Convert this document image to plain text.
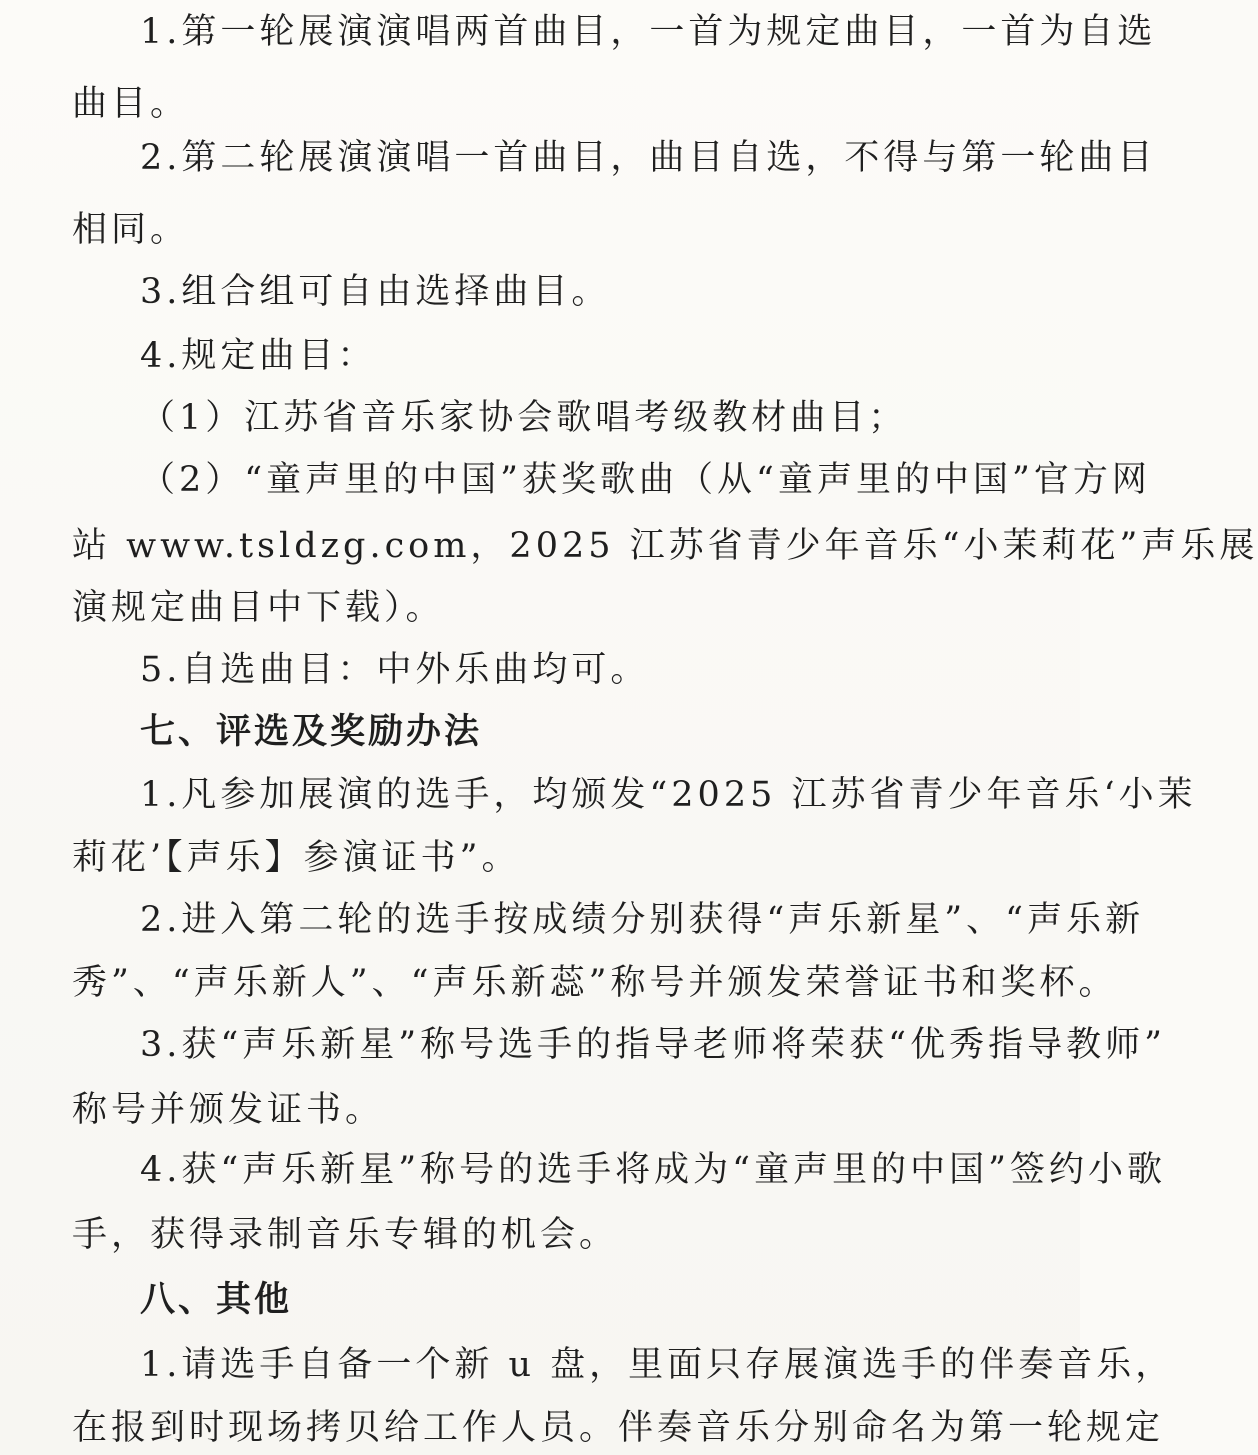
1.第一轮展演演唱两首曲目，一首为规定曲目，一首为自选
曲目。
2.第二轮展演演唱一首曲目，曲目自选，不得与第一轮曲目
相同。
3.组合组可自由选择曲目。
4.规定曲目：
（1）江苏省音乐家协会歌唱考级教材曲目；
（2）“童声里的中国”获奖歌曲（从“童声里的中国”官方网
站 www.tsldzg.com，2025 江苏省青少年音乐“小茉莉花”声乐展
演规定曲目中下载）。
5.自选曲目：中外乐曲均可。
七、评选及奖励办法
1.凡参加展演的选手，均颁发“2025 江苏省青少年音乐‘小茉
莉花’【声乐】参演证书”。
2.进入第二轮的选手按成绩分别获得“声乐新星”、“声乐新
秀”、“声乐新人”、“声乐新蕊”称号并颁发荣誉证书和奖杯。
3.获“声乐新星”称号选手的指导老师将荣获“优秀指导教师”
称号并颁发证书。
4.获“声乐新星”称号的选手将成为“童声里的中国”签约小歌
手，获得录制音乐专辑的机会。
八、其他
1.请选手自备一个新 u 盘，里面只存展演选手的伴奏音乐，
在报到时现场拷贝给工作人员。伴奏音乐分别命名为第一轮规定
